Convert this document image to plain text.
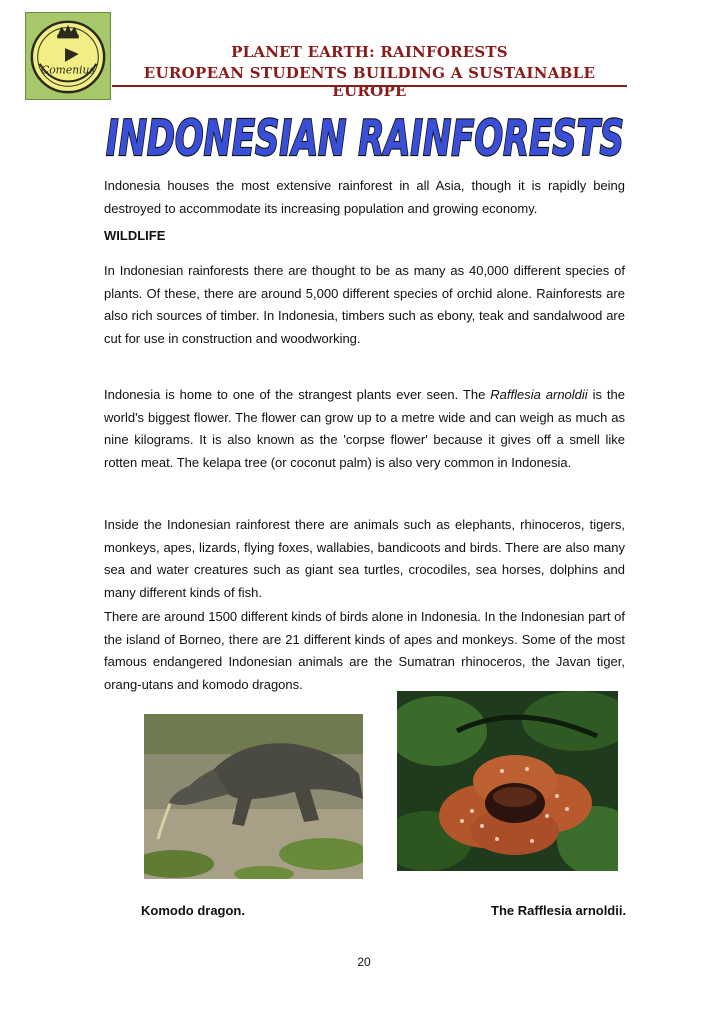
Comenius
PLANET EARTH: RAINFORESTS
EUROPEAN STUDENTS BUILDING A SUSTAINABLE EUROPE
INDONESIAN RAINFORESTS

Indonesia houses the most extensive rainforest in all Asia, though it is rapidly being destroyed to accommodate its increasing population and growing economy.

WILDLIFE

In Indonesian rainforests there are thought to be as many as 40,000 different species of plants. Of these, there are around 5,000 different species of orchid alone. Rainforests are also rich sources of timber. In Indonesia, timbers such as ebony, teak and sandalwood are cut for use in construction and woodworking.

Indonesia is home to one of the strangest plants ever seen. The Rafflesia arnoldii is the world's biggest flower. The flower can grow up to a metre wide and can weigh as much as nine kilograms. It is also known as the 'corpse flower' because it gives off a smell like rotten meat. The kelapa tree (or coconut palm) is also very common in Indonesia.

Inside the Indonesian rainforest there are animals such as elephants, rhinoceros, tigers, monkeys, apes, lizards, flying foxes, wallabies, bandicoots and birds. There are also many sea and water creatures such as giant sea turtles, crocodiles, sea horses, dolphins and many different kinds of fish.

There are around 1500 different kinds of birds alone in Indonesia. In the Indonesian part of the island of Borneo, there are 21 different kinds of apes and monkeys. Some of the most famous endangered Indonesian animals are the Sumatran rhinoceros, the Javan tiger, orang-utans and komodo dragons.

Komodo dragon.	The Rafflesia arnoldii.

20
